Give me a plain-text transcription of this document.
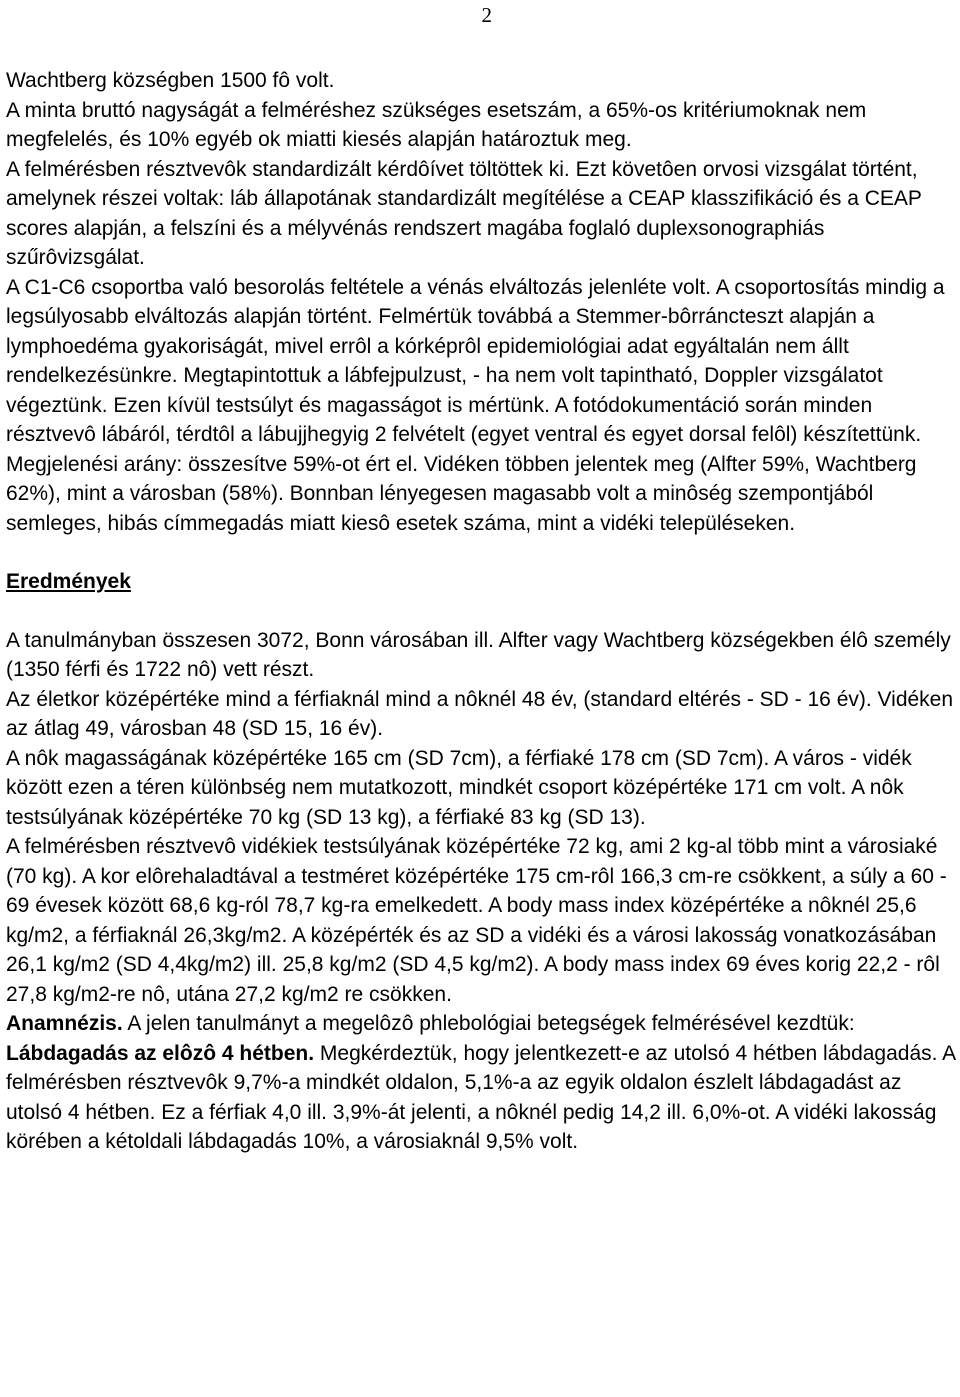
2

Wachtberg községben 1500 fô volt.

A minta bruttó nagyságát a felméréshez szükséges esetszám, a 65%-os kritériumoknak nem megfelelés, és 10% egyéb ok miatti kiesés alapján határoztuk meg.

A felmérésben résztvevôk standardizált kérdôívet töltöttek ki. Ezt követôen orvosi vizsgálat történt, amelynek részei voltak: láb állapotának standardizált megítélése a CEAP klasszifikáció és a CEAP scores alapján, a felszíni és a mélyvénás rendszert magába foglaló duplexsonographiás szűrôvizsgálat.

A C1-C6 csoportba való besorolás feltétele a vénás elváltozás jelenléte volt. A csoportosítás mindig a legsúlyosabb elváltozás alapján történt. Felmértük továbbá a Stemmer-bôrráncteszt alapján a lymphoedéma gyakoriságát, mivel errôl a kórképrôl epidemiológiai adat egyáltalán nem állt rendelkezésünkre. Megtapintottuk a lábfejpulzust, - ha nem volt tapintható, Doppler vizsgálatot végeztünk. Ezen kívül testsúlyt és magasságot is mértünk. A fotódokumentáció során minden résztvevô lábáról, térdtôl a lábujjhegyig 2 felvételt (egyet ventral és egyet dorsal felôl) készítettünk.

Megjelenési arány: összesítve 59%-ot ért el. Vidéken többen jelentek meg (Alfter 59%, Wachtberg 62%), mint a városban (58%). Bonnban lényegesen magasabb volt a minôség szempontjából semleges, hibás címmegadás miatt kiesô esetek száma, mint a vidéki településeken.

Eredmények

A tanulmányban összesen 3072, Bonn városában ill. Alfter vagy Wachtberg községekben élô személy (1350 férfi és 1722 nô) vett részt.

Az életkor középértéke mind a férfiaknál mind a nôknél 48 év, (standard eltérés - SD - 16 év). Vidéken az átlag 49, városban 48 (SD 15, 16 év).

A nôk magasságának középértéke 165 cm (SD 7cm), a férfiaké 178 cm (SD 7cm). A város - vidék között ezen a téren különbség nem mutatkozott, mindkét csoport középértéke 171 cm volt. A nôk testsúlyának középértéke 70 kg (SD 13 kg), a férfiaké 83 kg (SD 13).

A felmérésben résztvevô vidékiek testsúlyának középértéke 72 kg, ami 2 kg-al több mint a városiaké (70 kg). A kor elôrehaladtával a testméret középértéke 175 cm-rôl 166,3 cm-re csökkent, a súly a 60 - 69 évesek között 68,6 kg-ról 78,7 kg-ra emelkedett. A body mass index középértéke a nôknél 25,6 kg/m2, a férfiaknál 26,3kg/m2. A középérték és az SD a vidéki és a városi lakosság vonatkozásában 26,1 kg/m2 (SD 4,4kg/m2) ill. 25,8 kg/m2 (SD 4,5 kg/m2). A body mass index 69 éves korig 22,2 - rôl 27,8 kg/m2-re nô, utána 27,2 kg/m2 re csökken.

Anamnézis. A jelen tanulmányt a megelôzô phlebológiai betegségek felmérésével kezdtük:

Lábdagadás az elôzô 4 hétben. Megkérdeztük, hogy jelentkezett-e az utolsó 4 hétben lábdagadás. A felmérésben résztvevôk 9,7%-a mindkét oldalon, 5,1%-a az egyik oldalon észlelt lábdagadást az utolsó 4 hétben. Ez a férfiak 4,0 ill. 3,9%-át jelenti, a nôknél pedig 14,2 ill. 6,0%-ot. A vidéki lakosság körében a kétoldali lábdagadás 10%, a városiaknál 9,5% volt.
